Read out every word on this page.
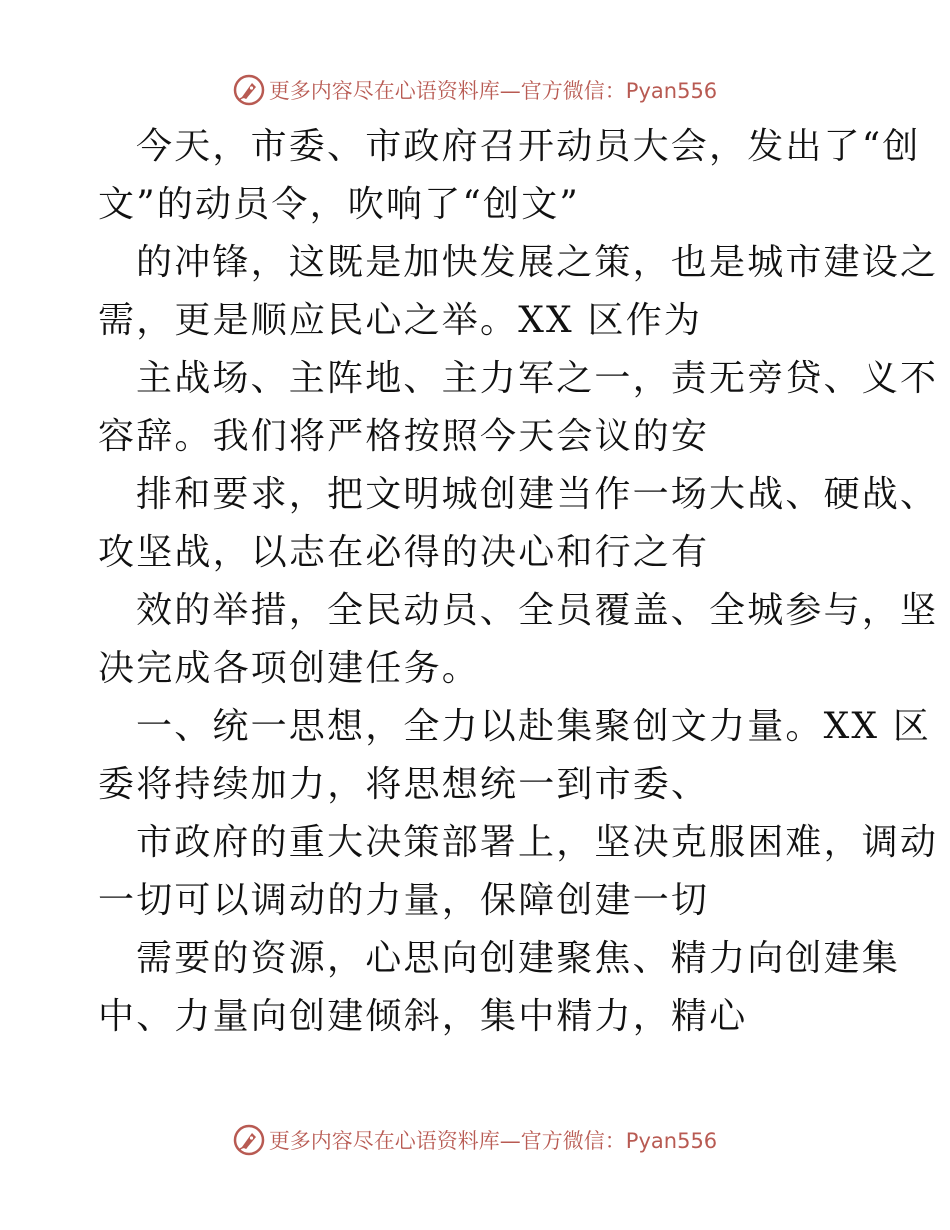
更多内容尽在心语资料库—官方微信：Pyan556
今天，市委、市政府召开动员大会，发出了“创
文”的动员令，吹响了“创文”
的冲锋，这既是加快发展之策，也是城市建设之
需，更是顺应民心之举。XX 区作为
主战场、主阵地、主力军之一，责无旁贷、义不
容辞。我们将严格按照今天会议的安
排和要求，把文明城创建当作一场大战、硬战、
攻坚战，以志在必得的决心和行之有
效的举措，全民动员、全员覆盖、全城参与，坚
决完成各项创建任务。
一、统一思想，全力以赴集聚创文力量。XX 区
委将持续加力，将思想统一到市委、
市政府的重大决策部署上，坚决克服困难，调动
一切可以调动的力量，保障创建一切
需要的资源，心思向创建聚焦、精力向创建集
中、力量向创建倾斜，集中精力，精心
更多内容尽在心语资料库—官方微信：Pyan556
